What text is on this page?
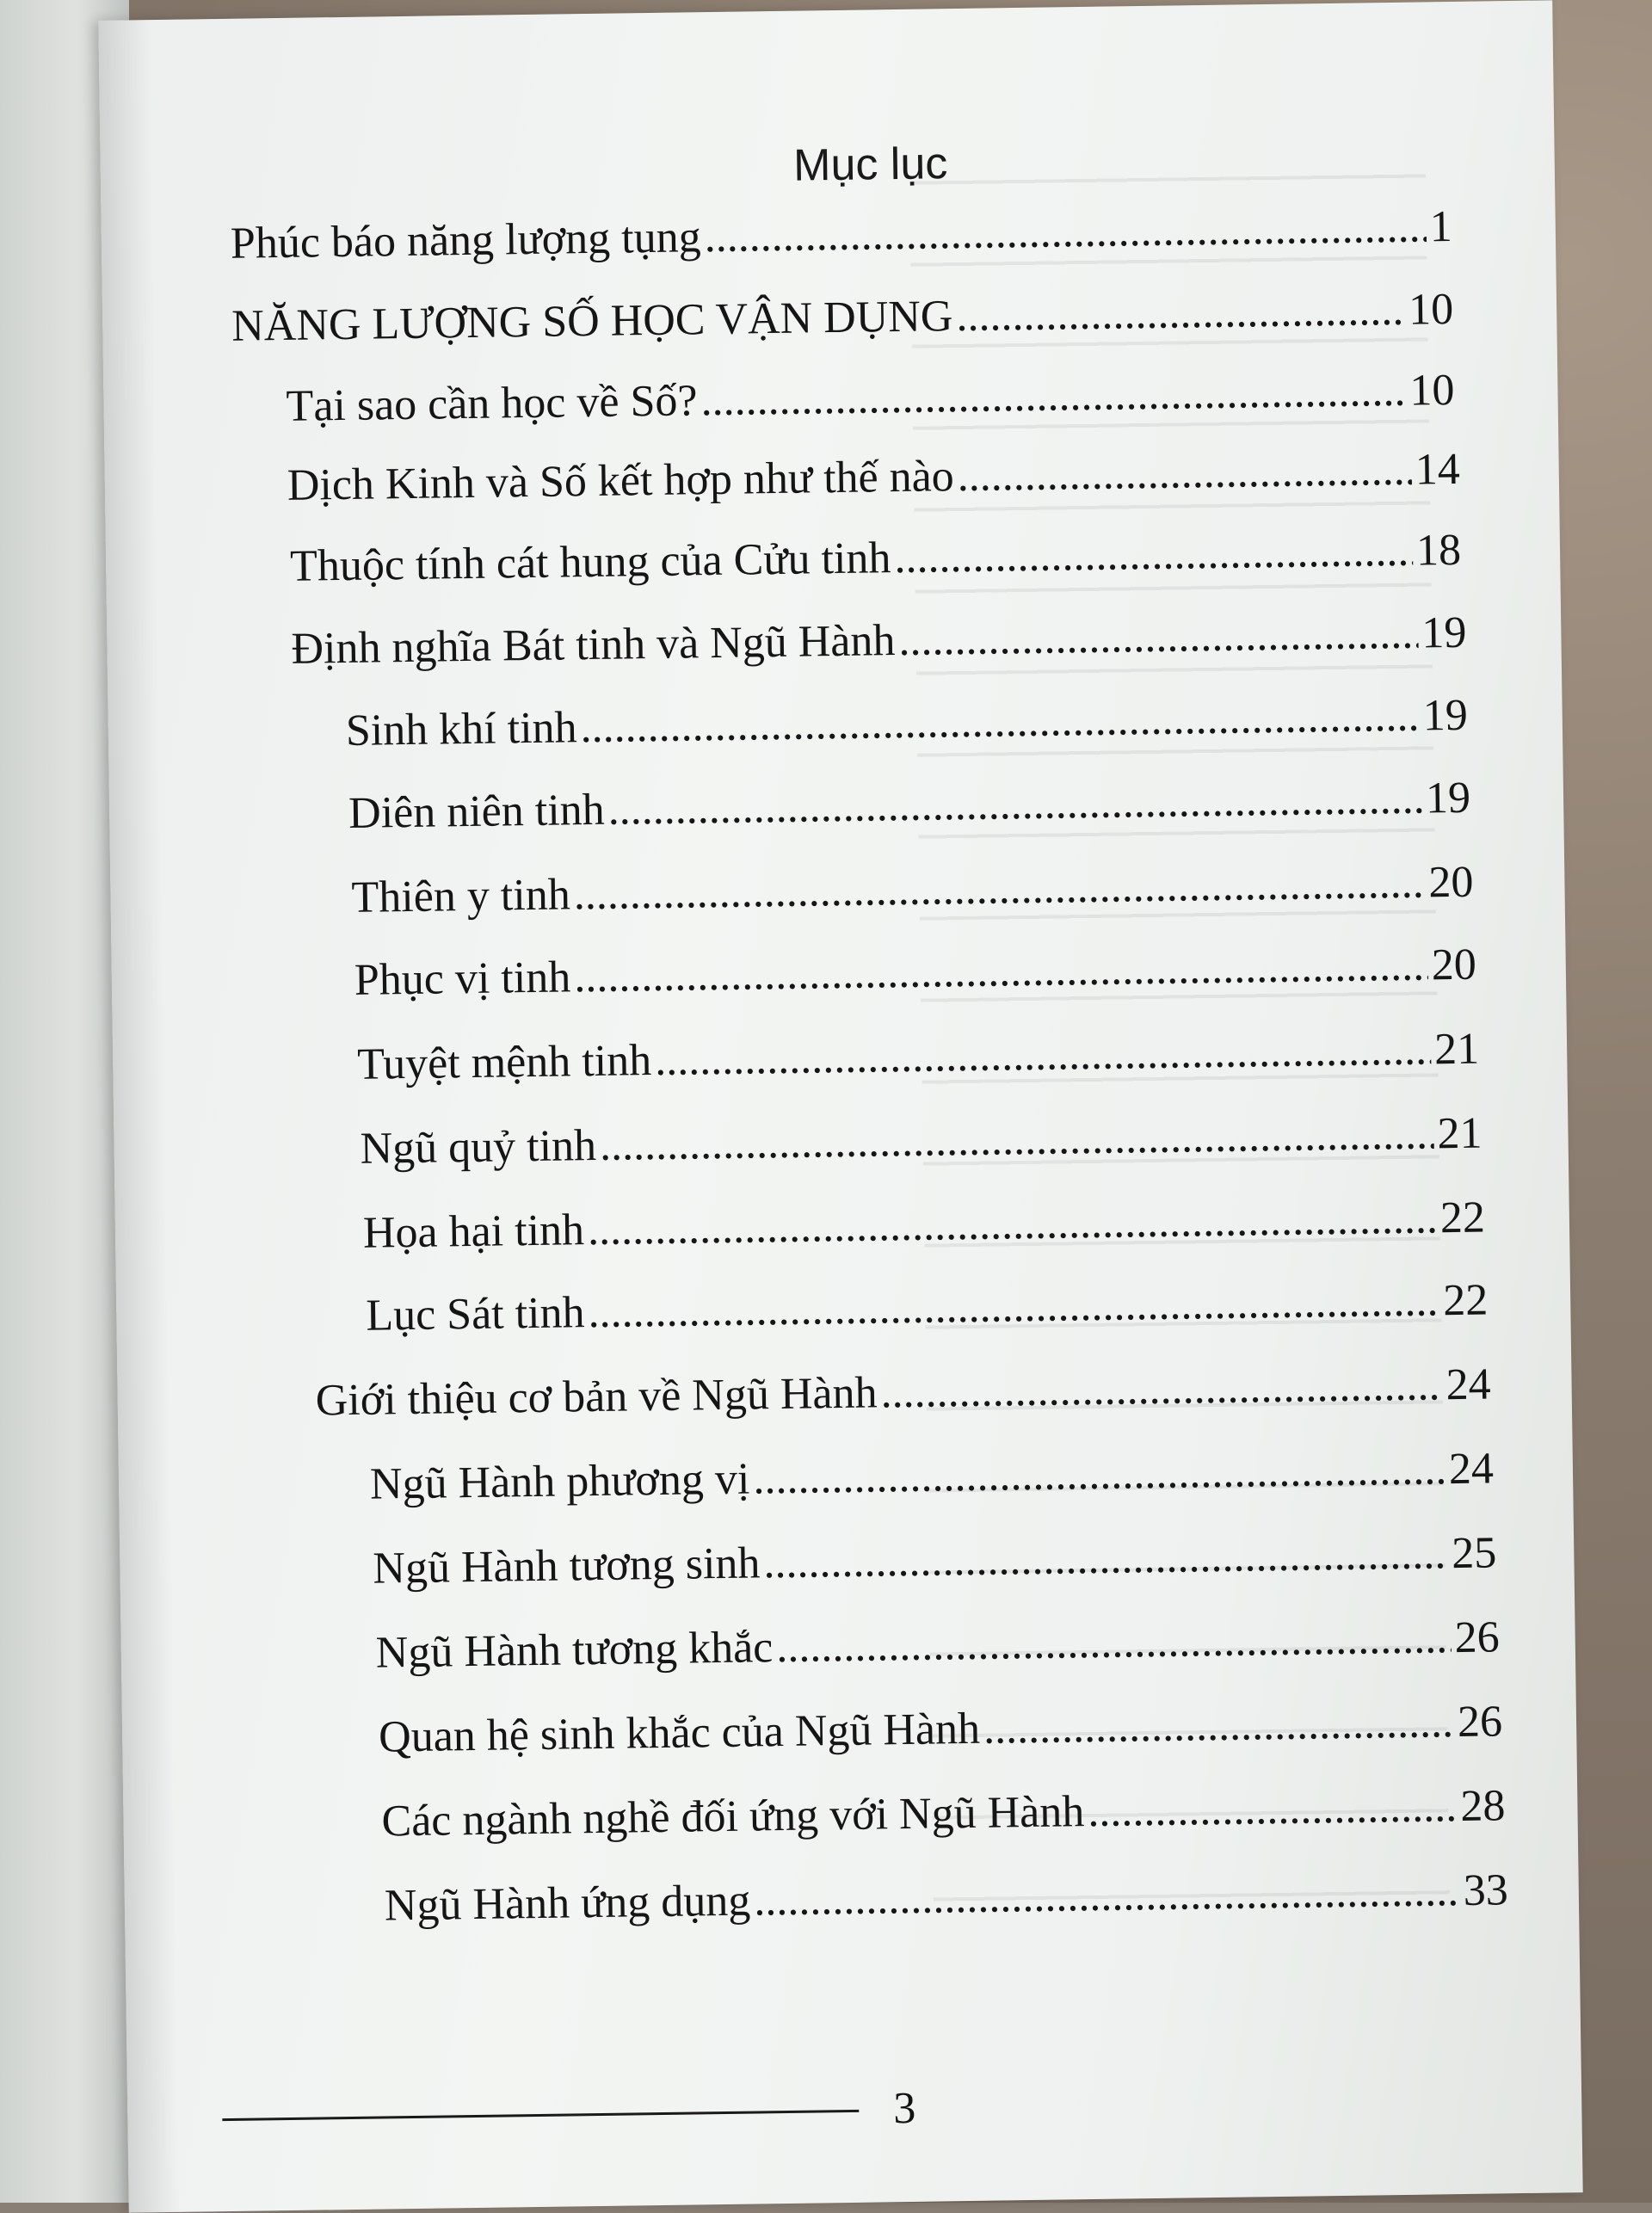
Mục lục
Phúc báo năng lượng tụng .....	1
NĂNG LƯỢNG SỐ HỌC VẬN DỤNG .....	10
Tại sao cần học về Số? .....	10
Dịch Kinh và Số kết hợp như thế nào .....	14
Thuộc tính cát hung của Cửu tinh .....	18
Định nghĩa Bát tinh và Ngũ Hành .....	19
Sinh khí tinh .....	19
Diên niên tinh .....	19
Thiên y tinh .....	20
Phục vị tinh .....	20
Tuyệt mệnh tinh .....	21
Ngũ quỷ tinh .....	21
Họa hại tinh .....	22
Lục Sát tinh .....	22
Giới thiệu cơ bản về Ngũ Hành .....	24
Ngũ Hành phương vị .....	24
Ngũ Hành tương sinh .....	25
Ngũ Hành tương khắc .....	26
Quan hệ sinh khắc của Ngũ Hành .....	26
Các ngành nghề đối ứng với Ngũ Hành .....	28
Ngũ Hành ứng dụng .....	33
3
